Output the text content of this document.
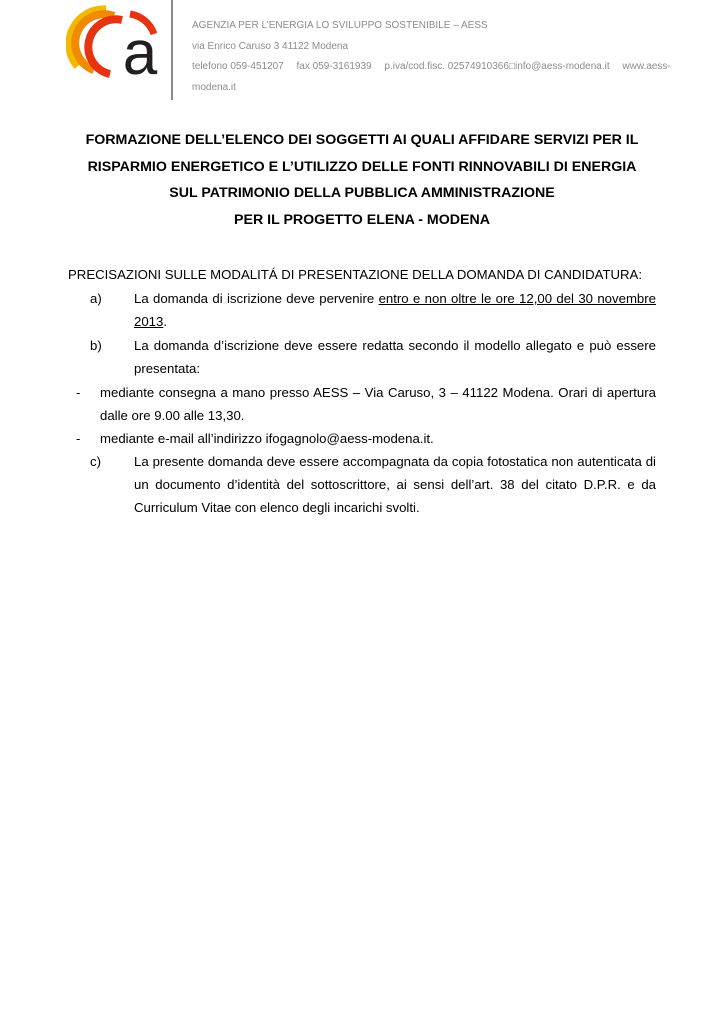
a	AGENZIA PER L’ENERGIA LO SVILUPPO SOSTENIBILE – AESS
via Enrico Caruso 3 41122 Modena
telefono 059-451207 fax 059-3161939 p.iva/cod.fisc. 02574910366□info@aess-modena.it www.aess-
modena.it
FORMAZIONE DELL’ELENCO DEI SOGGETTI AI QUALI AFFIDARE SERVIZI PER IL
RISPARMIO ENERGETICO E L’UTILIZZO DELLE FONTI RINNOVABILI DI ENERGIA
SUL PATRIMONIO DELLA PUBBLICA AMMINISTRAZIONE
PER IL PROGETTO ELENA - MODENA
PRECISAZIONI SULLE MODALITÁ DI PRESENTAZIONE DELLA DOMANDA DI CANDIDATURA:
a) La domanda di iscrizione deve pervenire entro e non oltre le ore 12,00 del 30 novembre
2013.
b) La domanda d’iscrizione deve essere redatta secondo il modello allegato e può essere
presentata:
- mediante consegna a mano presso AESS – Via Caruso, 3 – 41122 Modena. Orari di apertura dalle ore 9.00 alle 13,30.
- mediante e-mail all’indirizzo ifogagnolo@aess-modena.it.
c)	La presente domanda deve essere accompagnata da copia fotostatica non autenticata di un documento d’identità del sottoscrittore, ai sensi dell’art. 38 del citato D.P.R. e da Curriculum Vitae con elenco degli incarichi svolti.
